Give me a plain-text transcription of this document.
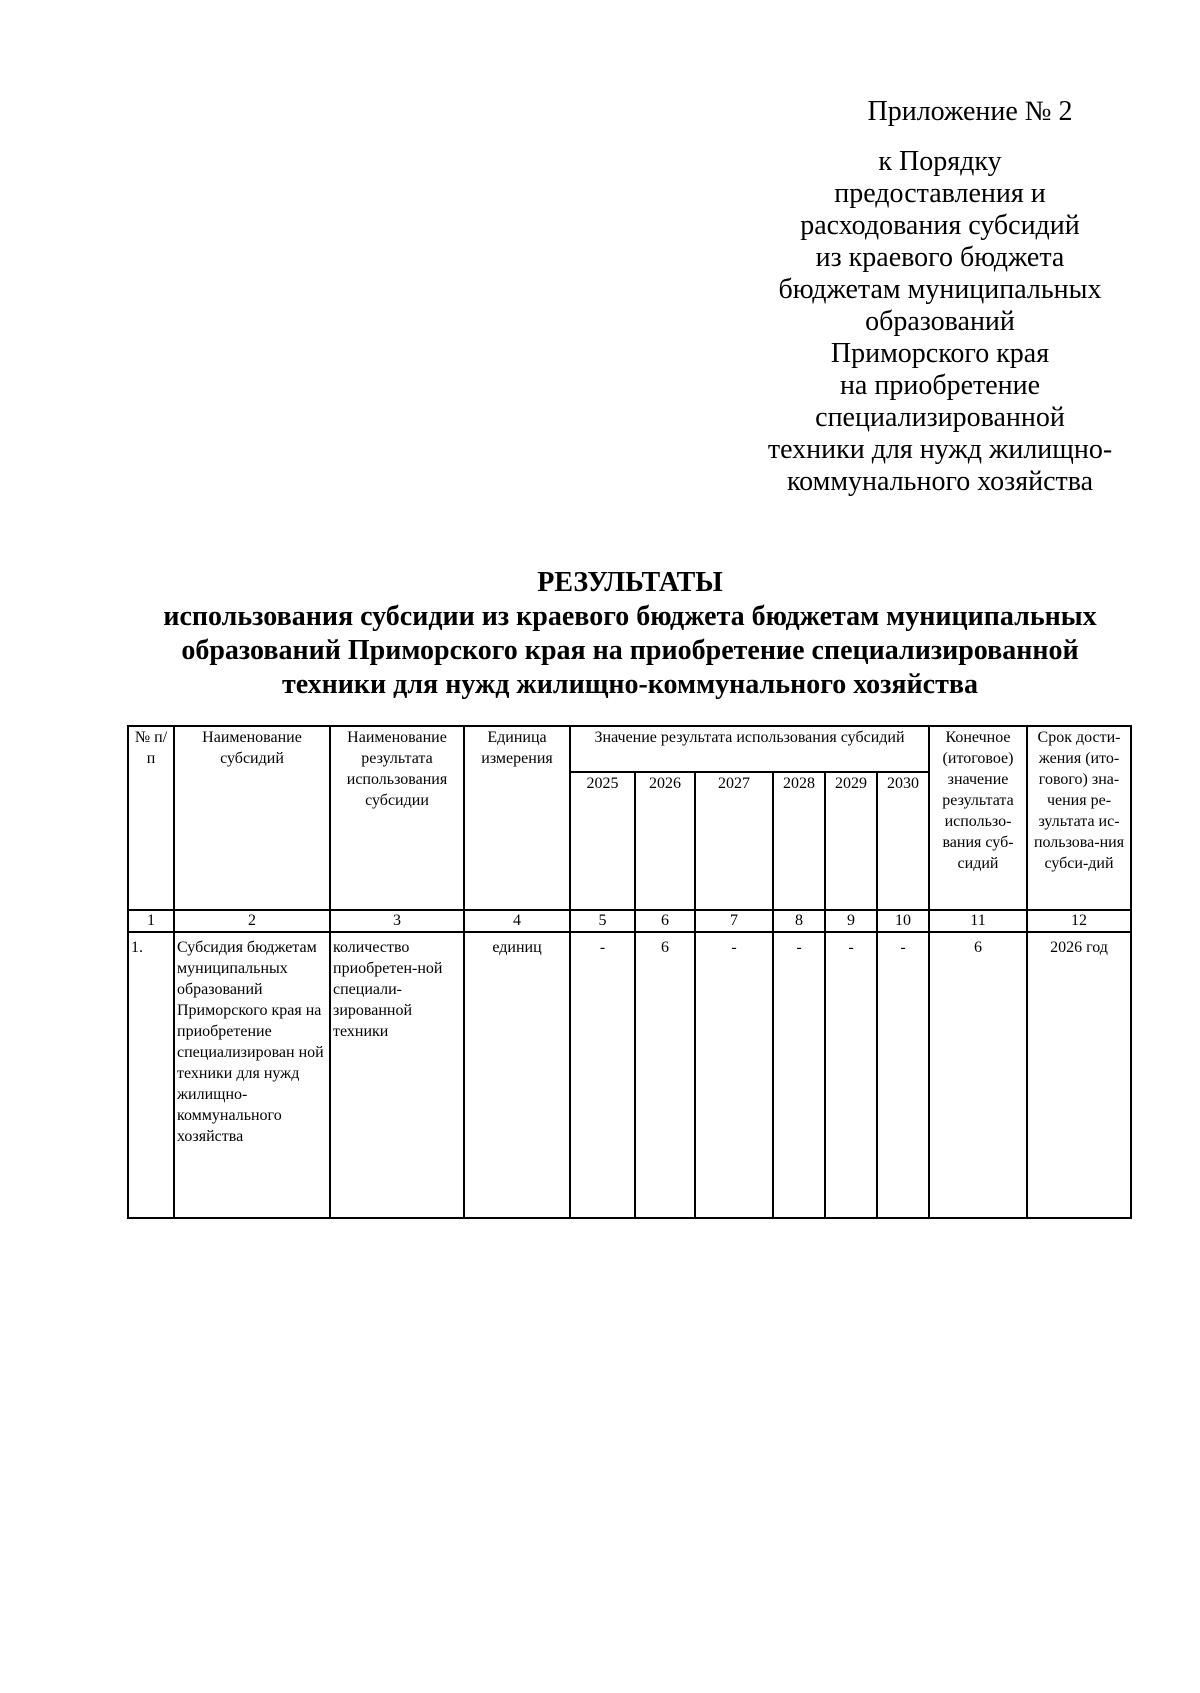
Приложение № 2
к Порядку
предоставления и
расходования субсидий
из краевого бюджета
бюджетам муниципальных
образований
Приморского края
на приобретение
специализированной
техники для нужд жилищно-
коммунального хозяйства
РЕЗУЛЬТАТЫ
использования субсидии из краевого бюджета бюджетам муниципальных
образований Приморского края на приобретение специализированной
техники для нужд жилищно-коммунального хозяйства
№ п/п	Наименование субсидий	Наименование результата использования субсидии	Единица измерения	Значение результата использования субсидий						Конечное (итоговое) значение результата использо-вания суб-сидий	Срок дости-жения (ито-гового) зна-чения ре-зультата ис-пользова-ния субси-дий
				2025	2026	2027	2028	2029	2030		
1	2	3	4	5	6	7	8	9	10	11	12
1.	Субсидия бюджетам муниципальных образований Приморского края на приобретение специализирован ной техники для нужд жилищно-коммунального хозяйства	количество приобретен-ной специали-зированной техники	единиц	-	6	-	-	-	-	6	2026 год
